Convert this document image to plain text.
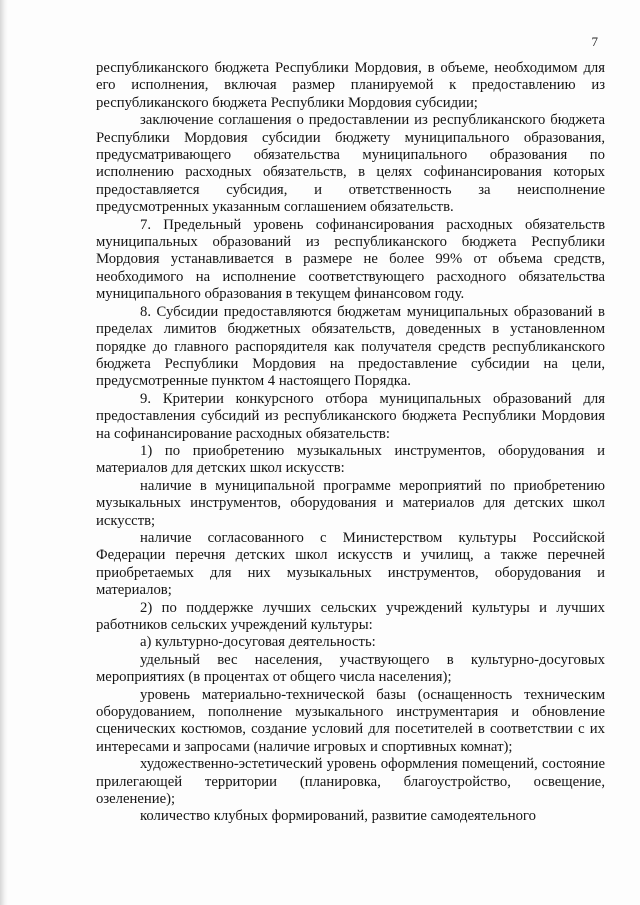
7

республиканского бюджета Республики Мордовия, в объеме, необходимом для его исполнения, включая размер планируемой к предоставлению из республиканского бюджета Республики Мордовия субсидии;

заключение соглашения о предоставлении из республиканского бюджета Республики Мордовия субсидии бюджету муниципального образования, предусматривающего обязательства муниципального образования по исполнению расходных обязательств, в целях софинансирования которых предоставляется субсидия, и ответственность за неисполнение предусмотренных указанным соглашением обязательств.

7. Предельный уровень софинансирования расходных обязательств муниципальных образований из республиканского бюджета Республики Мордовия устанавливается в размере не более 99% от объема средств, необходимого на исполнение соответствующего расходного обязательства муниципального образования в текущем финансовом году.

8. Субсидии предоставляются бюджетам муниципальных образований в пределах лимитов бюджетных обязательств, доведенных в установленном порядке до главного распорядителя как получателя средств республиканского бюджета Республики Мордовия на предоставление субсидии на цели, предусмотренные пунктом 4 настоящего Порядка.

9. Критерии конкурсного отбора муниципальных образований для предоставления субсидий из республиканского бюджета Республики Мордовия на софинансирование расходных обязательств:

1) по приобретению музыкальных инструментов, оборудования и материалов для детских школ искусств:

наличие в муниципальной программе мероприятий по приобретению музыкальных инструментов, оборудования и материалов для детских школ искусств;

наличие согласованного с Министерством культуры Российской Федерации перечня детских школ искусств и училищ, а также перечней приобретаемых для них музыкальных инструментов, оборудования и материалов;

2) по поддержке лучших сельских учреждений культуры и лучших работников сельских учреждений культуры:

а) культурно-досуговая деятельность:

удельный вес населения, участвующего в культурно-досуговых мероприятиях (в процентах от общего числа населения);

уровень материально-технической базы (оснащенность техническим оборудованием, пополнение музыкального инструментария и обновление сценических костюмов, создание условий для посетителей в соответствии с их интересами и запросами (наличие игровых и спортивных комнат);

художественно-эстетический уровень оформления помещений, состояние прилегающей территории (планировка, благоустройство, освещение, озеленение);

количество клубных формирований, развитие самодеятельного
